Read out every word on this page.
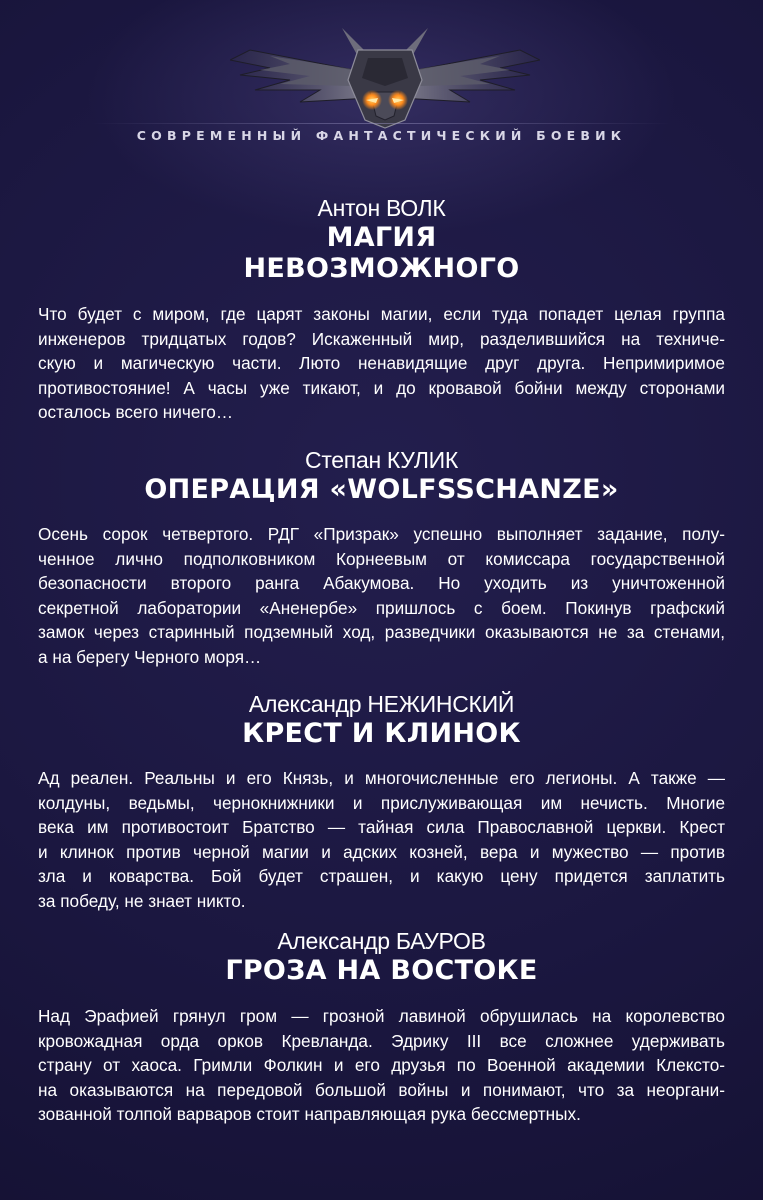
СОВРЕМЕННЫЙ ФАНТАСТИЧЕСКИЙ БОЕВИК
Антон ВОЛК
МАГИЯ
НЕВОЗМОЖНОГО
Что будет с миром, где царят законы магии, если туда попадет целая группа
инженеров тридцатых годов? Искаженный мир, разделившийся на техниче-
скую и магическую части. Люто ненавидящие друг друга. Непримиримое
противостояние! А часы уже тикают, и до кровавой бойни между сторонами
осталось всего ничего…
Степан КУЛИК
ОПЕРАЦИЯ «WOLFSSCHANZE»
Осень сорок четвертого. РДГ «Призрак» успешно выполняет задание, полу-
ченное лично подполковником Корнеевым от комиссара государственной
безопасности второго ранга Абакумова. Но уходить из уничтоженной
секретной лаборатории «Аненербе» пришлось с боем. Покинув графский
замок через старинный подземный ход, разведчики оказываются не за стенами,
а на берегу Черного моря…
Александр НЕЖИНСКИЙ
КРЕСТ И КЛИНОК
Ад реален. Реальны и его Князь, и многочисленные его легионы. А также —
колдуны, ведьмы, чернокнижники и прислуживающая им нечисть. Многие
века им противостоит Братство — тайная сила Православной церкви. Крест
и клинок против черной магии и адских козней, вера и мужество — против
зла и коварства. Бой будет страшен, и какую цену придется заплатить
за победу, не знает никто.
Александр БАУРОВ
ГРОЗА НА ВОСТОКЕ
Над Эрафией грянул гром — грозной лавиной обрушилась на королевство
кровожадная орда орков Кревланда. Эдрику III все сложнее удерживать
страну от хаоса. Гримли Фолкин и его друзья по Военной академии Клексто-
на оказываются на передовой большой войны и понимают, что за неоргани-
зованной толпой варваров стоит направляющая рука бессмертных.
